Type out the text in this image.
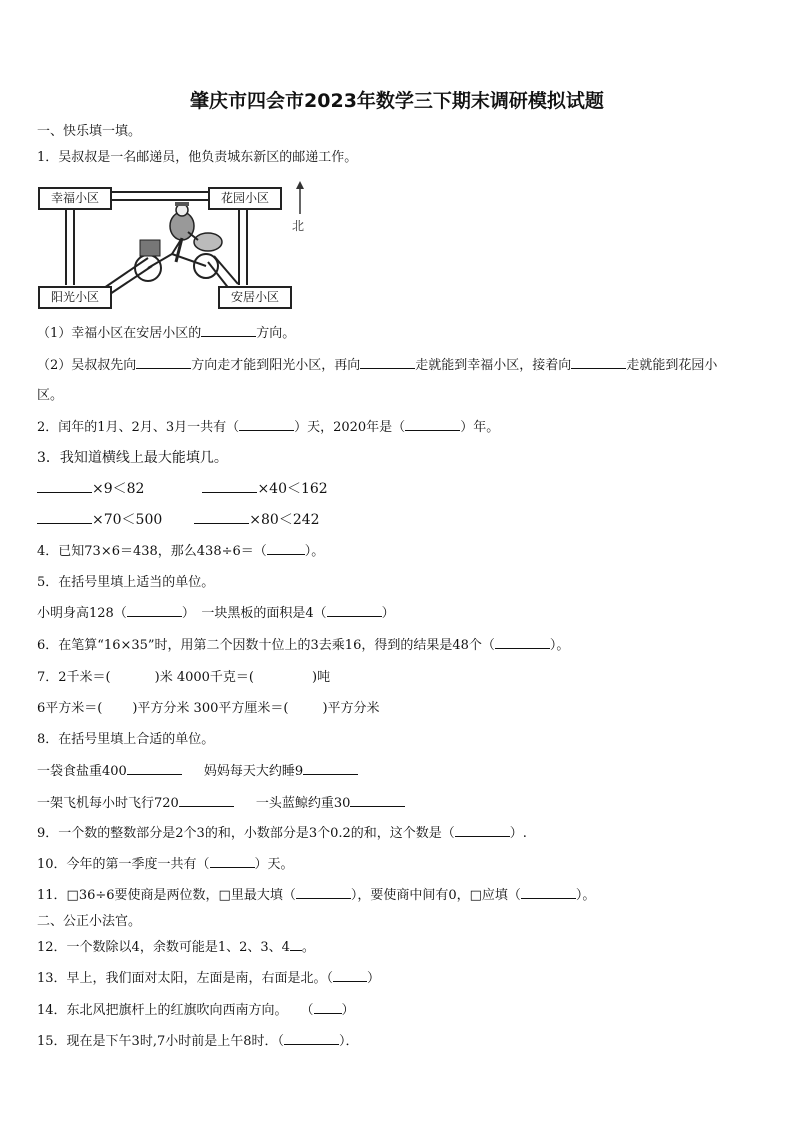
肇庆市四会市2023年数学三下期末调研模拟试题
一、快乐填一填。
1．吴叔叔是一名邮递员，他负责城东新区的邮递工作。
幸福小区	花园小区
阳光小区	安居小区
北
（1）幸福小区在安居小区的	方向。
（2）吴叔叔先向	方向走才能到阳光小区，再向	走就能到幸福小区，接着向	走就能到花园小
区。
2．闰年的1月、2月、3月一共有（	）天，2020年是（	）年。
3．我知道横线上最大能填几。
×9＜82	×40＜162
×70＜500	×80＜242
4．已知73×6＝438，那么438÷6＝（	）。
5．在括号里填上适当的单位。
小明身高128（	）　一块黑板的面积是4（	）
6．在笔算“16×35”时，用第二个因数十位上的3去乘16，得到的结果是48个（	）。
7．2千米＝(	)米 4000千克＝(	)吨
6平方米＝( )平方分米 300平方厘米＝(	)平方分米
8．在括号里填上合适的单位。
一袋食盐重400	妈妈每天大约睡9
一架飞机每小时飞行720	一头蓝鲸约重30
9．一个数的整数部分是2个3的和，小数部分是3个0.2的和，这个数是（	）.
10．今年的第一季度一共有（	）天。
11．□36÷6要使商是两位数，□里最大填（	），要使商中间有0，□应填（	）。
二、公正小法官。
12．一个数除以4，余数可能是1、2、3、4 。
13．早上，我们面对太阳，左面是南，右面是北。（	）
14．东北风把旗杆上的红旗吹向西南方向。　　（ ）
15．现在是下午3时,7小时前是上午8时．（	）．
